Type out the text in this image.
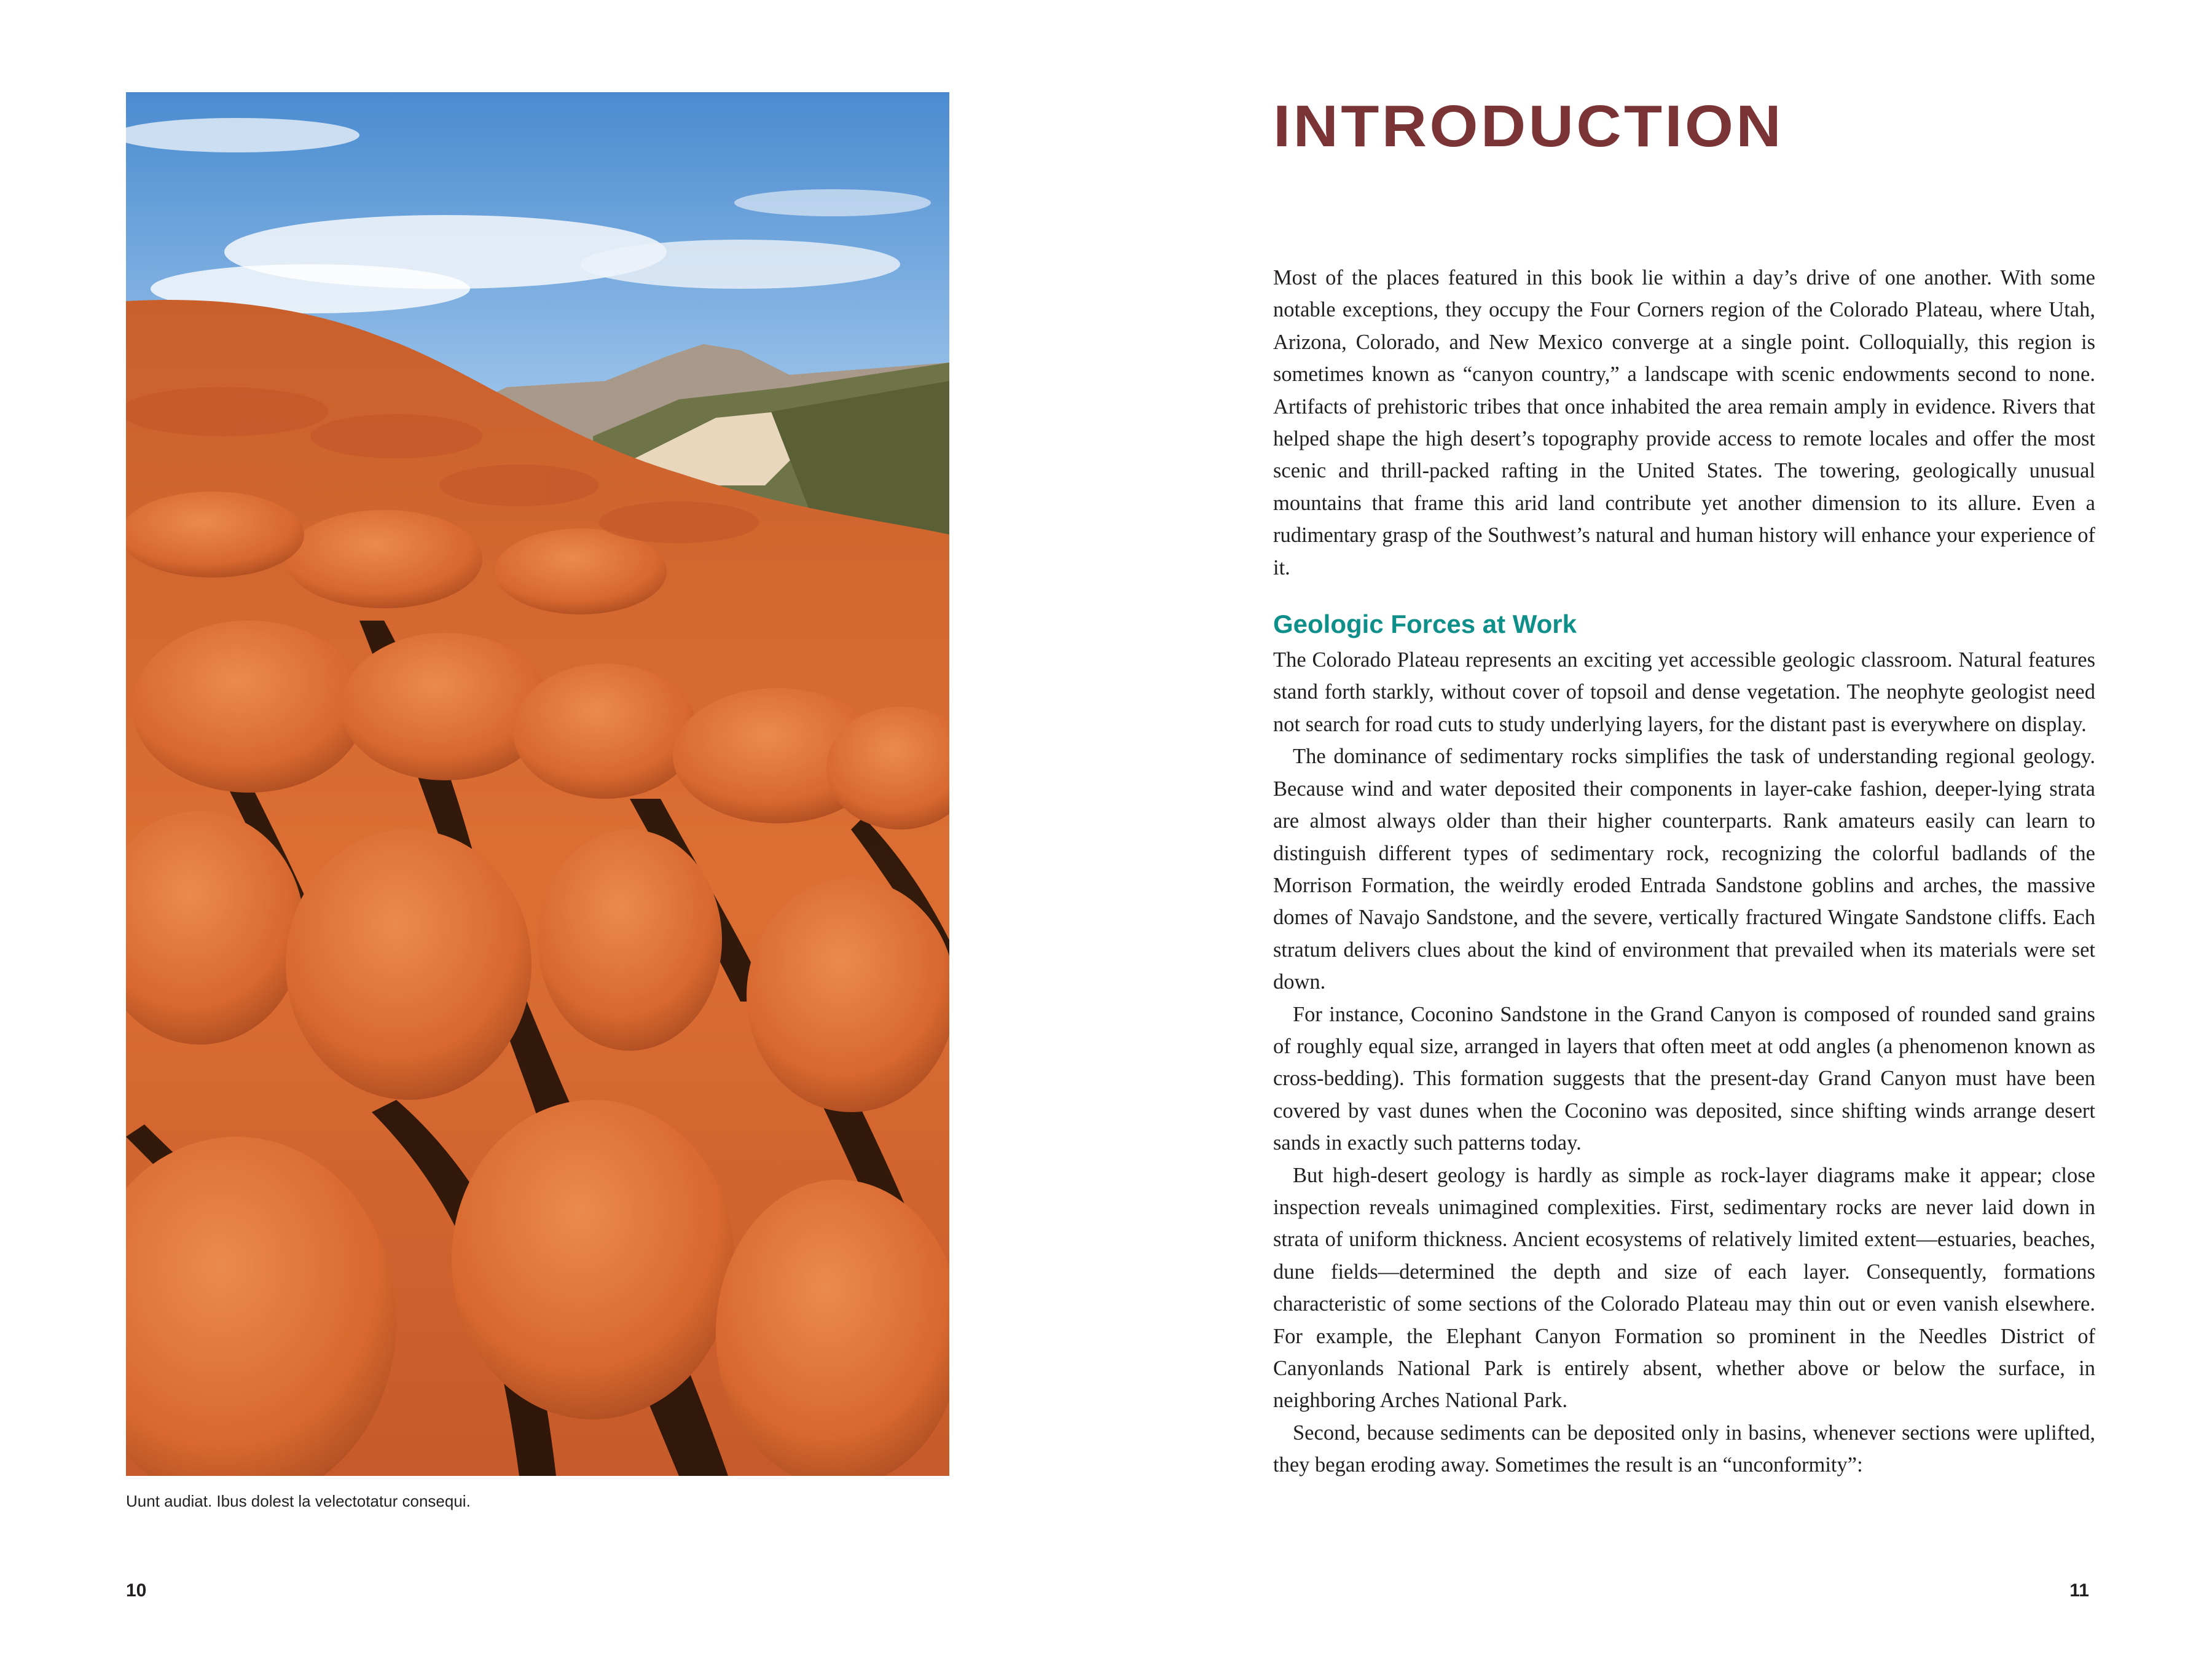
Uunt audiat. Ibus dolest la velectotatur consequi.
10
INTRODUCTION

Most of the places featured in this book lie within a day’s drive of one another. With some notable exceptions, they occupy the Four Corners region of the Colorado Plateau, where Utah, Arizona, Colorado, and New Mexico converge at a single point. Colloquially, this region is sometimes known as “canyon country,” a landscape with scenic endowments second to none. Artifacts of prehistoric tribes that once inhabited the area remain amply in evidence. Rivers that helped shape the high desert’s topography provide access to remote locales and offer the most scenic and thrill-packed rafting in the United States. The towering, geologically unusual mountains that frame this arid land contribute yet another dimension to its allure. Even a rudimentary grasp of the Southwest’s natural and human history will enhance your experience of it.

Geologic Forces at Work

The Colorado Plateau represents an exciting yet accessible geologic classroom. Natural features stand forth starkly, without cover of topsoil and dense vegetation. The neophyte geologist need not search for road cuts to study underlying layers, for the distant past is everywhere on display.

The dominance of sedimentary rocks simplifies the task of understanding regional geology. Because wind and water deposited their components in layer-cake fashion, deeper-lying strata are almost always older than their higher counterparts. Rank amateurs easily can learn to distinguish different types of sedimentary rock, recognizing the colorful badlands of the Morrison Formation, the weirdly eroded Entrada Sandstone goblins and arches, the massive domes of Navajo Sandstone, and the severe, vertically fractured Wingate Sandstone cliffs. Each stratum delivers clues about the kind of environment that prevailed when its materials were set down.

For instance, Coconino Sandstone in the Grand Canyon is composed of rounded sand grains of roughly equal size, arranged in layers that often meet at odd angles (a phenomenon known as cross-bedding). This formation suggests that the present-day Grand Canyon must have been covered by vast dunes when the Coconino was deposited, since shifting winds arrange desert sands in exactly such patterns today.

But high-desert geology is hardly as simple as rock-layer diagrams make it appear; close inspection reveals unimagined complexities. First, sedimentary rocks are never laid down in strata of uniform thickness. Ancient ecosystems of relatively limited extent—estuaries, beaches, dune fields—determined the depth and size of each layer. Consequently, formations characteristic of some sections of the Colorado Plateau may thin out or even vanish elsewhere. For example, the Elephant Canyon Formation so prominent in the Needles District of Canyonlands National Park is entirely absent, whether above or below the surface, in neighboring Arches National Park.

Second, because sediments can be deposited only in basins, whenever sections were uplifted, they began eroding away. Sometimes the result is an “unconformity”:

11
